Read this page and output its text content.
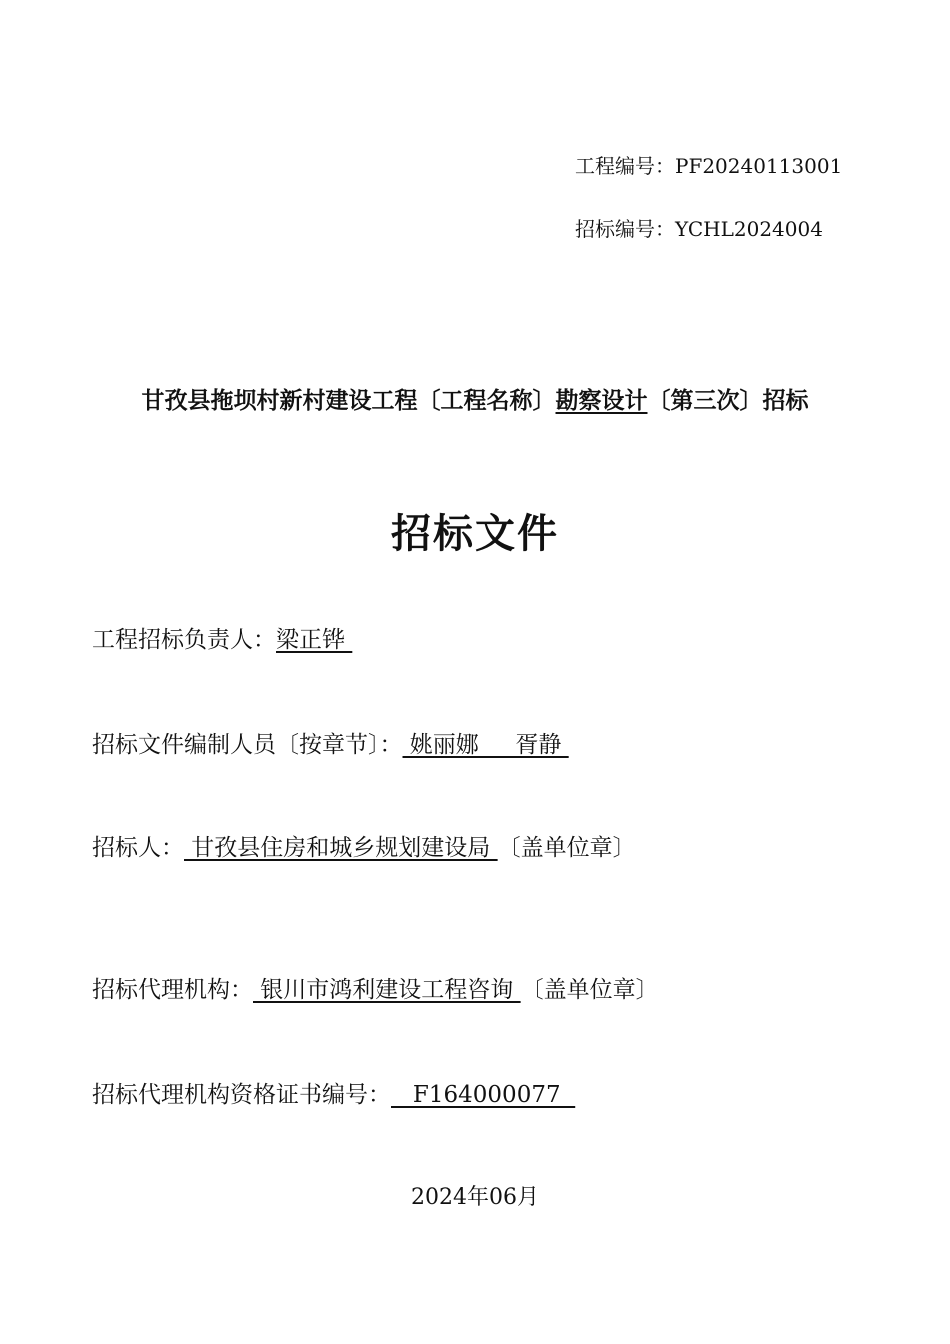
工程编号：PF20240113001
招标编号：YCHL2024004
甘孜县拖坝村新村建设工程〔工程名称〕勘察设计〔第三次〕招标
招标文件
工程招标负责人：梁正铧
招标文件编制人员〔按章节〕： 姚丽娜     胥静
招标人： 甘孜县住房和城乡规划建设局 〔盖单位章〕
招标代理机构： 银川市鸿利建设工程咨询 〔盖单位章〕
招标代理机构资格证书编号：   F164000077
2024年06月
